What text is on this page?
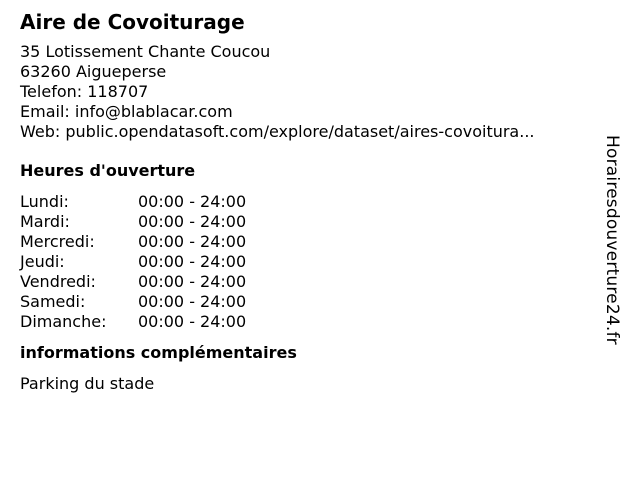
Aire de Covoiturage
35 Lotissement Chante Coucou
63260 Aigueperse
Telefon: 118707
Email: info@blablacar.com
Web: public.opendatasoft.com/explore/dataset/aires-covoitura...
Heures d'ouverture
Lundi:	00:00 - 24:00
Mardi:	00:00 - 24:00
Mercredi:	00:00 - 24:00
Jeudi:	00:00 - 24:00
Vendredi:	00:00 - 24:00
Samedi:	00:00 - 24:00
Dimanche:	00:00 - 24:00
informations complémentaires
Parking du stade
Horairesdouverture24.fr
